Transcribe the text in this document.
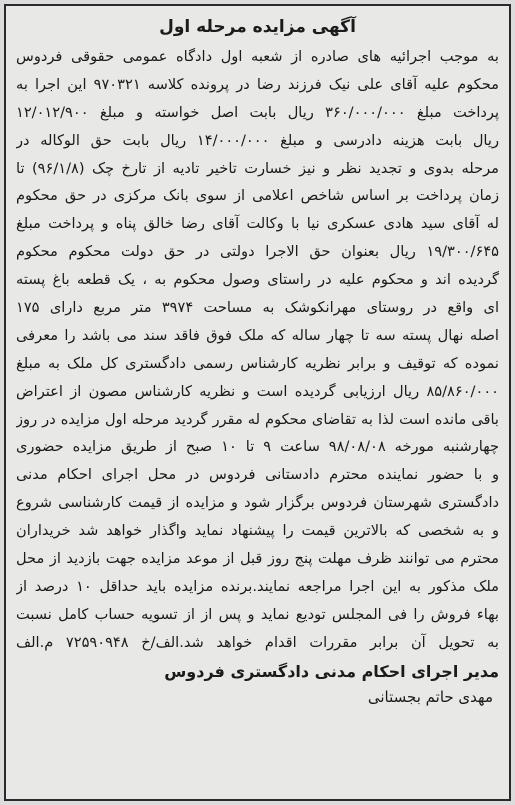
آگهی مزایده مرحله اول
به موجب اجرائیه های صادره از شعبه اول دادگاه عمومی حقوقی فردوس
محکوم علیه آقای علی نیک فرزند رضا در پرونده کلاسه ۹۷۰۳۲۱ این اجرا به
پرداخت مبلغ ۳۶۰/۰۰۰/۰۰۰ ریال بابت اصل خواسته و مبلغ ۱۲/۰۱۲/۹۰۰
ریال بابت هزینه دادرسی و مبلغ ۱۴/۰۰۰/۰۰۰ ریال بابت حق الوکاله در
مرحله بدوی و تجدید نظر و نیز خسارت تاخیر تادیه از تارخ چک (۹۶/۱/۸) تا
زمان پرداخت بر اساس شاخص اعلامی از سوی بانک مرکزی در حق محکوم
له آقای سید هادی عسکری نیا با وکالت آقای رضا خالق پناه و پرداخت مبلغ
۱۹/۳۰۰/۶۴۵ ریال بعنوان حق الاجرا دولتی در حق دولت محکوم محکوم
گردیده اند و محکوم علیه در راستای وصول محکوم به ، یک قطعه باغ پسته
ای واقع در روستای مهرانکوشک به مساحت ۳۹۷۴ متر مربع دارای ۱۷۵
اصله نهال پسته سه تا چهار ساله که ملک فوق فاقد سند می باشد را معرفی
نموده که توقیف و برابر نظریه کارشناس رسمی دادگستری کل ملک به مبلغ
۸۵/۸۶۰/۰۰۰ ریال ارزیابی گردیده است و نظریه کارشناس مصون از اعتراض
باقی مانده است لذا به تقاضای محکوم له مقرر گردید مرحله اول مزایده در روز
چهارشنبه مورخه ۹۸/۰۸/۰۸ ساعت ۹ تا ۱۰ صبح از طریق مزایده حضوری
و با حضور نماینده محترم دادستانی فردوس در محل اجرای احکام مدنی
دادگستری شهرستان فردوس برگزار شود و مزایده از قیمت کارشناسی شروع
و به شخصی که بالاترین قیمت را پیشنهاد نماید واگذار خواهد شد خریداران
محترم می توانند ظرف مهلت پنج روز قبل از موعد مزایده جهت بازدید از محل
ملک مذکور به این اجرا مراجعه نمایند.برنده مزایده باید حداقل ۱۰ درصد از
بهاء فروش را فی المجلس تودیع نماید و پس از از تسویه حساب کامل نسبت
به تحویل آن برابر مقررات اقدام خواهد شد.الف/خ ۷۲۵۹۰۹۴۸ م.الف
مدیر اجرای احکام مدنی دادگستری فردوس
مهدی حاتم بجستانی
